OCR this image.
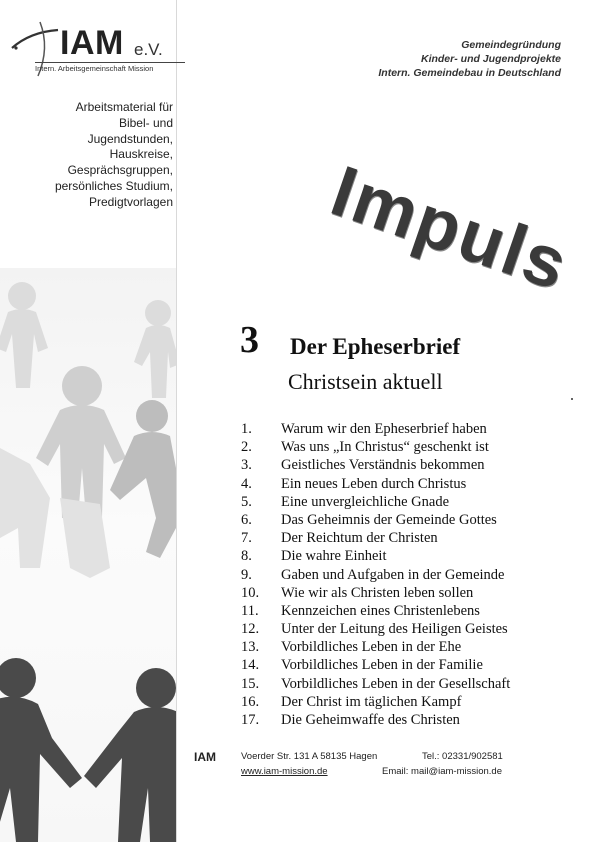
IAM e.V.
Intern. Arbeitsgemeinschaft Mission
Arbeitsmaterial für
Bibel- und
Jugendstunden,
Hauskreise,
Gesprächsgruppen,
persönliches Studium,
Predigtvorlagen
Gemeindegründung
Kinder- und Jugendprojekte
Intern. Gemeindebau in Deutschland
Impuls
3 Der Epheserbrief
Christsein aktuell
1. Warum wir den Epheserbrief haben
2. Was uns „In Christus“ geschenkt ist
3. Geistliches Verständnis bekommen
4. Ein neues Leben durch Christus
5. Eine unvergleichliche Gnade
6. Das Geheimnis der Gemeinde Gottes
7. Der Reichtum der Christen
8. Die wahre Einheit
9. Gaben und Aufgaben in der Gemeinde
10. Wie wir als Christen leben sollen
11. Kennzeichen eines Christenlebens
12. Unter der Leitung des Heiligen Geistes
13. Vorbildliches Leben in der Ehe
14. Vorbildliches Leben in der Familie
15. Vorbildliches Leben in der Gesellschaft
16. Der Christ im täglichen Kampf
17. Die Geheimwaffe des Christen
IAM	Voerder Str. 131 A 58135 Hagen	Tel.: 02331/902581
www.iam-mission.de	Email: mail@iam-mission.de
